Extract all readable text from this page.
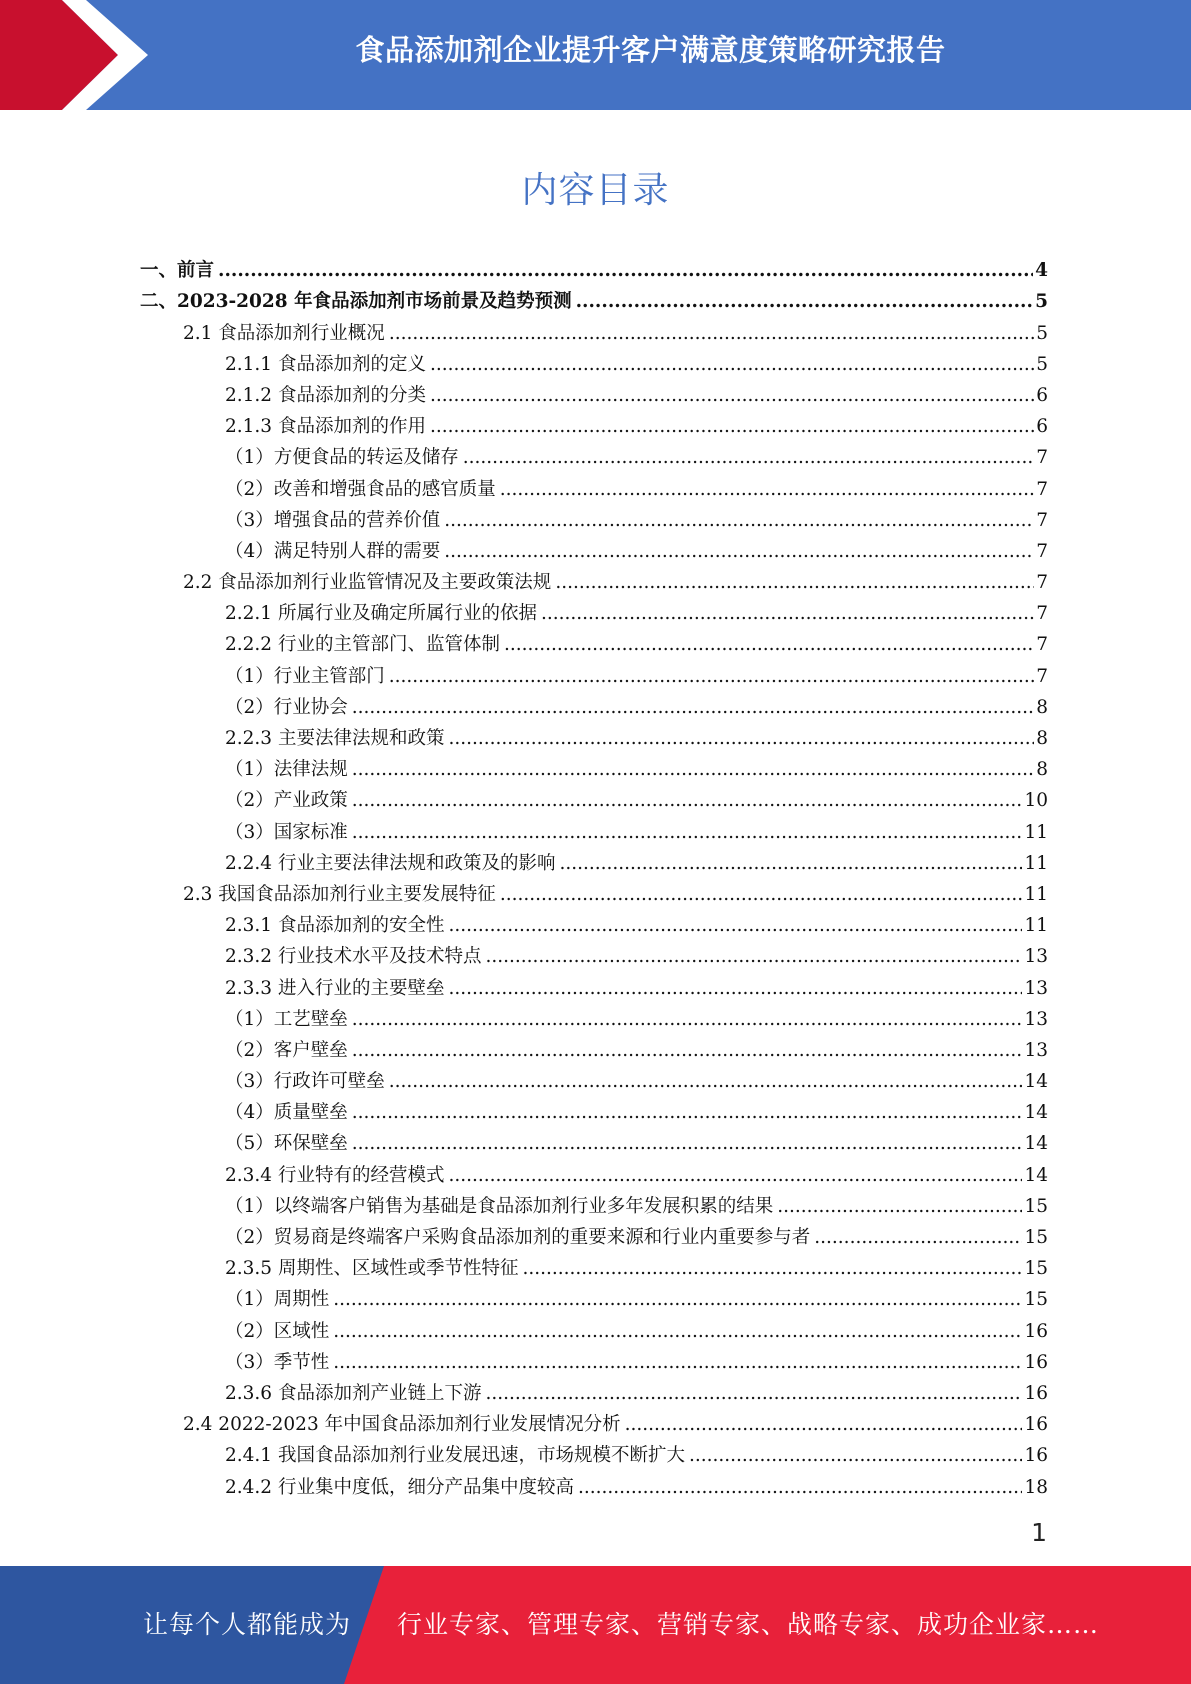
食品添加剂企业提升客户满意度策略研究报告
内容目录
一、前言 .....	4
二、2023-2028 年食品添加剂市场前景及趋势预测 .....	5
2.1 食品添加剂行业概况 .....	5
2.1.1 食品添加剂的定义 .....	5
2.1.2 食品添加剂的分类 .....	6
2.1.3 食品添加剂的作用 .....	6
（1）方便食品的转运及储存 .....	7
（2）改善和增强食品的感官质量 .....	7
（3）增强食品的营养价值 .....	7
（4）满足特别人群的需要 .....	7
2.2 食品添加剂行业监管情况及主要政策法规 .....	7
2.2.1 所属行业及确定所属行业的依据 .....	7
2.2.2 行业的主管部门、监管体制 .....	7
（1）行业主管部门 .....	7
（2）行业协会 .....	8
2.2.3 主要法律法规和政策 .....	8
（1）法律法规 .....	8
（2）产业政策 .....	10
（3）国家标准 .....	11
2.2.4 行业主要法律法规和政策及的影响 .....	11
2.3 我国食品添加剂行业主要发展特征 .....	11
2.3.1 食品添加剂的安全性 .....	11
2.3.2 行业技术水平及技术特点 .....	13
2.3.3 进入行业的主要壁垒 .....	13
（1）工艺壁垒 .....	13
（2）客户壁垒 .....	13
（3）行政许可壁垒 .....	14
（4）质量壁垒 .....	14
（5）环保壁垒 .....	14
2.3.4 行业特有的经营模式 .....	14
（1）以终端客户销售为基础是食品添加剂行业多年发展积累的结果 .....	15
（2）贸易商是终端客户采购食品添加剂的重要来源和行业内重要参与者 .....	15
2.3.5 周期性、区域性或季节性特征 .....	15
（1）周期性 .....	15
（2）区域性 .....	16
（3）季节性 .....	16
2.3.6 食品添加剂产业链上下游 .....	16
2.4 2022-2023 年中国食品添加剂行业发展情况分析 .....	16
2.4.1 我国食品添加剂行业发展迅速，市场规模不断扩大 .....	16
2.4.2 行业集中度低，细分产品集中度较高 .....	18
1
让每个人都能成为 行业专家、管理专家、营销专家、战略专家、成功企业家……
